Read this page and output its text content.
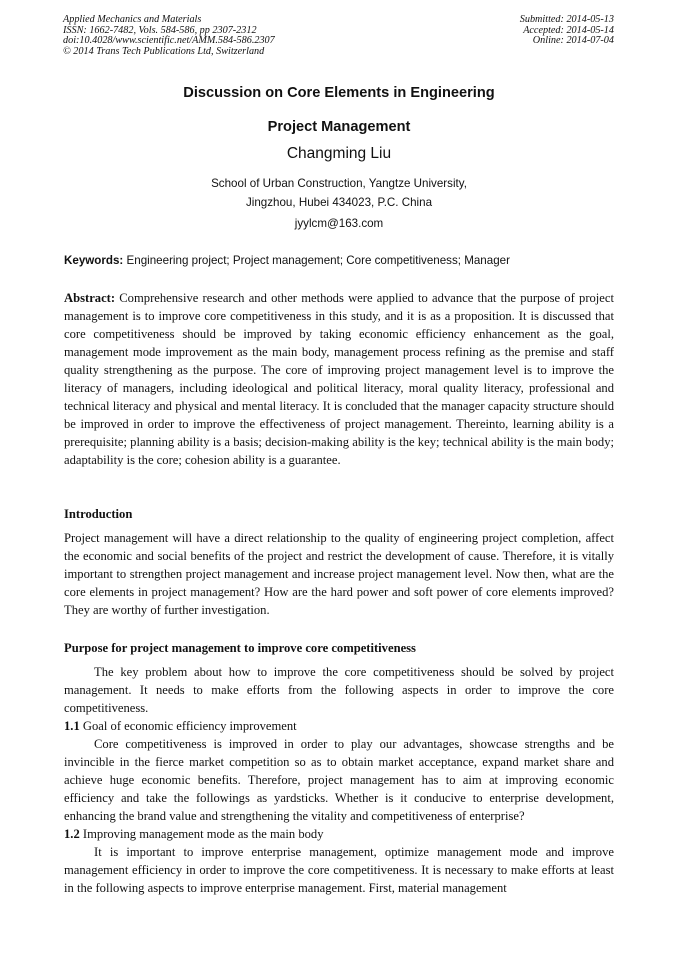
Applied Mechanics and Materials
ISSN: 1662-7482, Vols. 584-586, pp 2307-2312
doi:10.4028/www.scientific.net/AMM.584-586.2307
© 2014 Trans Tech Publications Ltd, Switzerland
Submitted: 2014-05-13
Accepted: 2014-05-14
Online: 2014-07-04
Discussion on Core Elements in Engineering
Project Management
Changming Liu
School of Urban Construction, Yangtze University,
Jingzhou, Hubei 434023, P.C. China
jyylcm@163.com
Keywords: Engineering project; Project management; Core competitiveness; Manager
Abstract: Comprehensive research and other methods were applied to advance that the purpose of project management is to improve core competitiveness in this study, and it is as a proposition. It is discussed that core competitiveness should be improved by taking economic efficiency enhancement as the goal, management mode improvement as the main body, management process refining as the premise and staff quality strengthening as the purpose. The core of improving project management level is to improve the literacy of managers, including ideological and political literacy, moral quality literacy, professional and technical literacy and physical and mental literacy. It is concluded that the manager capacity structure should be improved in order to improve the effectiveness of project management. Thereinto, learning ability is a prerequisite; planning ability is a basis; decision-making ability is the key; technical ability is the main body; adaptability is the core; cohesion ability is a guarantee.
Introduction
Project management will have a direct relationship to the quality of engineering project completion, affect the economic and social benefits of the project and restrict the development of cause. Therefore, it is vitally important to strengthen project management and increase project management level. Now then, what are the core elements in project management? How are the hard power and soft power of core elements improved? They are worthy of further investigation.
Purpose for project management to improve core competitiveness

The key problem about how to improve the core competitiveness should be solved by project management. It needs to make efforts from the following aspects in order to improve the core competitiveness.

1.1 Goal of economic efficiency improvement

Core competitiveness is improved in order to play our advantages, showcase strengths and be invincible in the fierce market competition so as to obtain market acceptance, expand market share and achieve huge economic benefits. Therefore, project management has to aim at improving economic efficiency and take the followings as yardsticks. Whether is it conducive to enterprise development, enhancing the brand value and strengthening the vitality and competitiveness of enterprise?

1.2 Improving management mode as the main body

It is important to improve enterprise management, optimize management mode and improve management efficiency in order to improve the core competitiveness. It is necessary to make efforts at least in the following aspects to improve enterprise management. First, material management
